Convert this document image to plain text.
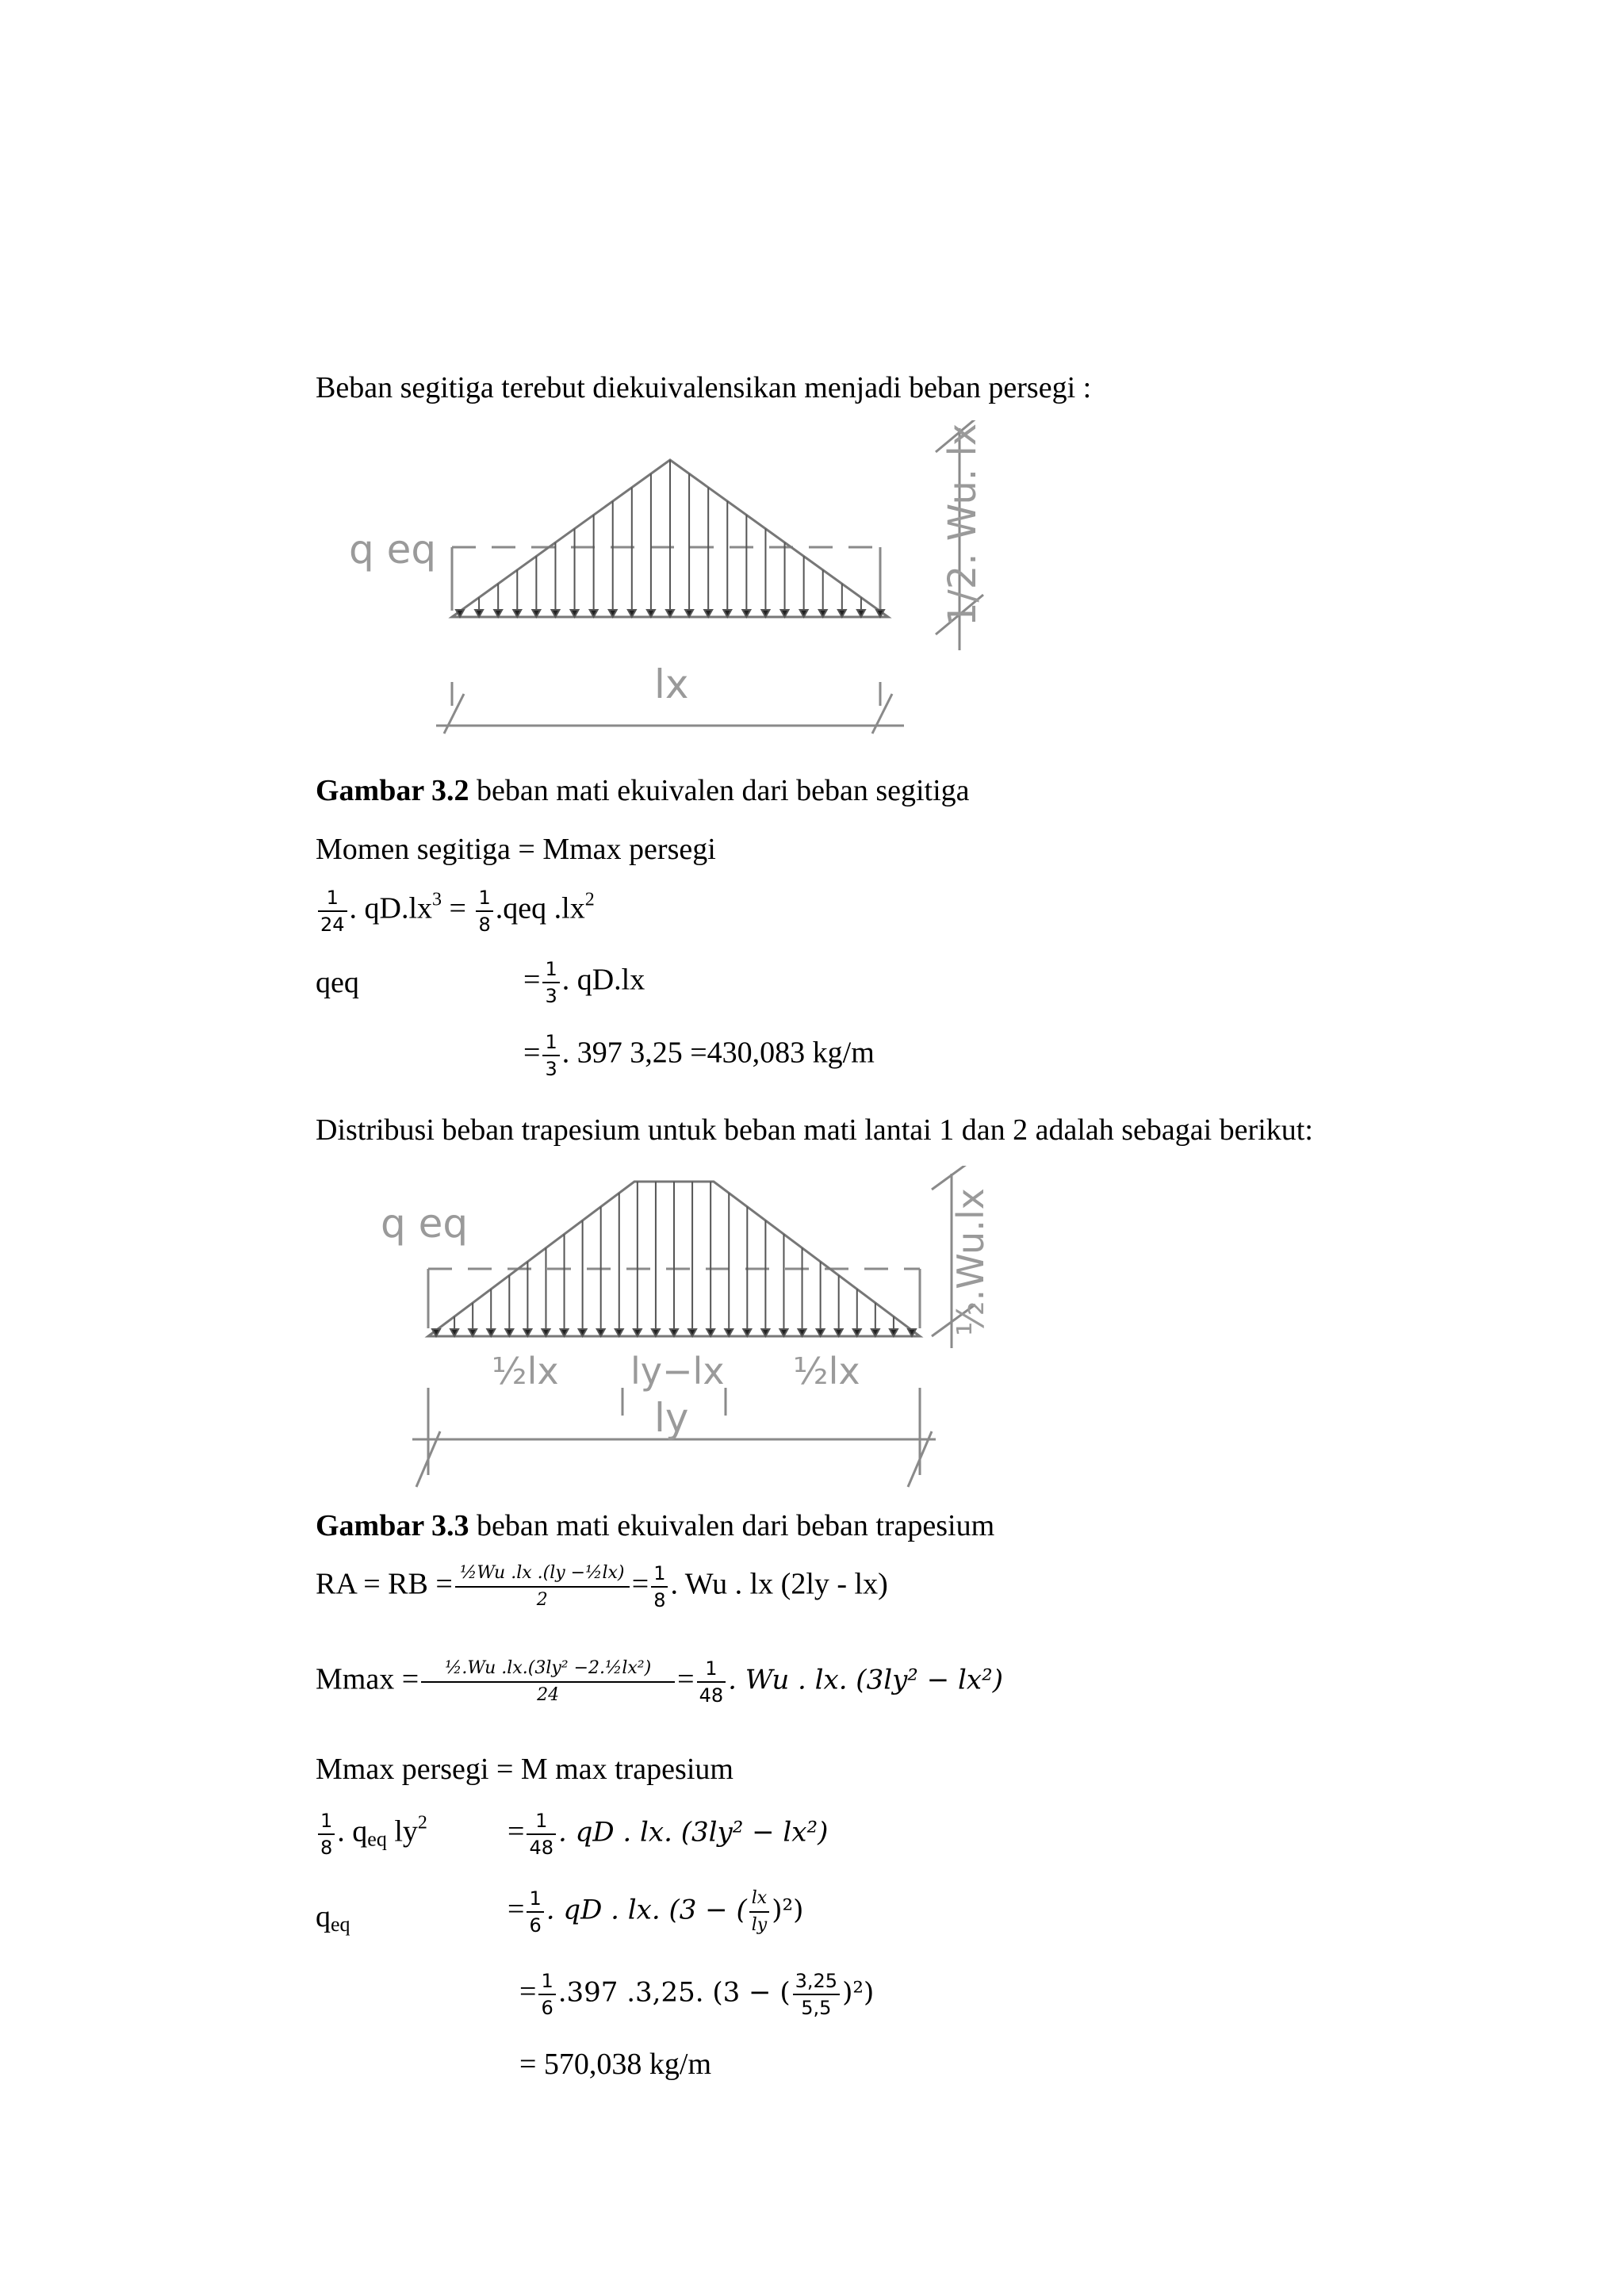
Beban segitiga terebut diekuivalensikan menjadi beban persegi :
q eq
lx
1/2. Wu. lx
Gambar 3.2 beban mati ekuivalen dari beban segitiga
Momen segitiga = Mmax persegi
$\frac{1}{24}$ . $qD.lx^3 = \frac{1}{8} .qeq$ $.lx^2$
qeq	= $\frac{1}{3}$ . qD.lx
= $\frac{1}{3}$ . 397 3,25 =430,083 kg/m
Distribusi beban trapesium untuk beban mati lantai 1 dan 2 adalah sebagai berikut:
q eq
½lx ly−lx ½lx
ly
½.Wu.lx
Gambar 3.3 beban mati ekuivalen dari beban trapesium
RA = RB = $\frac{\text{½Wu .lx .(ly −½lx)}}{2} = \frac{1}{8}$ . Wu . lx (2ly - lx)
$Mmax = \frac{\text{½.Wu .lx.(3ly² −2.½lx²)}}{24} = \frac{1}{48}$ . Wu . lx. (3ly² − lx²)
Mmax persegi = M max trapesium
$\frac{1}{8}$ . $q_{eq}$ $ly^2$	= $\frac{1}{48}$ . qD . lx. (3ly² − lx²)
$q_{eq}$	= $\frac{1}{6}$ . qD . lx. (3 − ( $\frac{lx}{ly} )^2$)
= $\frac{1}{6} .397$ .3,25. (3 − ( $\frac{3,25}{5,5} )^2$)
= 570,038 kg/m
